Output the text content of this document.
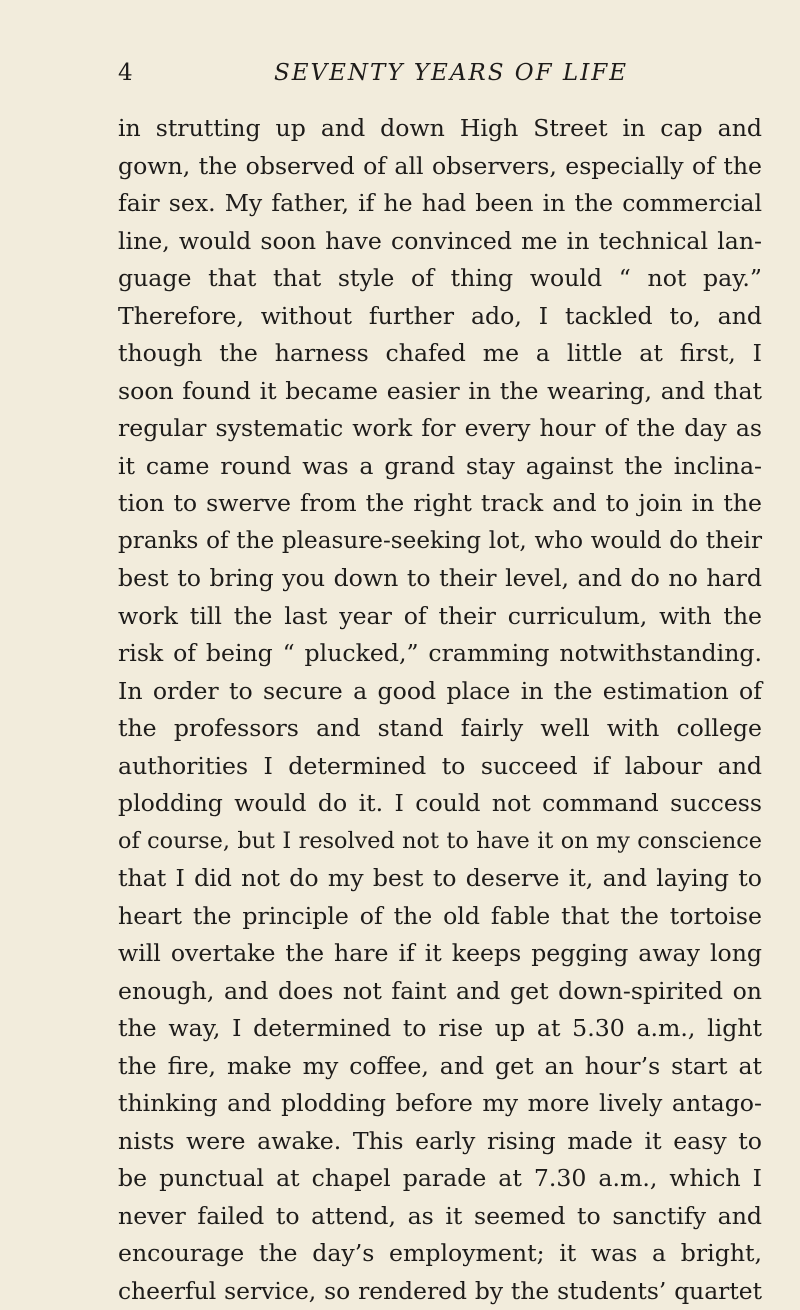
4	SEVENTY YEARS OF LIFE
in strutting up and down High Street in cap and
gown, the observed of all observers, especially of the
fair sex. My father, if he had been in the commercial
line, would soon have convinced me in technical lan-
guage that that style of thing would “ not pay.”
Therefore, without further ado, I tackled to, and
though the harness chafed me a little at first, I
soon found it became easier in the wearing, and that
regular systematic work for every hour of the day as
it came round was a grand stay against the inclina-
tion to swerve from the right track and to join in the
pranks of the pleasure-seeking lot, who would do their
best to bring you down to their level, and do no hard
work till the last year of their curriculum, with the
risk of being “ plucked,” cramming notwithstanding.
In order to secure a good place in the estimation of
the professors and stand fairly well with college
authorities I determined to succeed if labour and
plodding would do it. I could not command success
of course, but I resolved not to have it on my conscience
that I did not do my best to deserve it, and laying to
heart the principle of the old fable that the tortoise
will overtake the hare if it keeps pegging away long
enough, and does not faint and get down-spirited on
the way, I determined to rise up at 5.30 a.m., light
the fire, make my coffee, and get an hour’s start at
thinking and plodding before my more lively antago-
nists were awake. This early rising made it easy to
be punctual at chapel parade at 7.30 a.m., which I
never failed to attend, as it seemed to sanctify and
encourage the day’s employment; it was a bright,
cheerful service, so rendered by the students’ quartet
